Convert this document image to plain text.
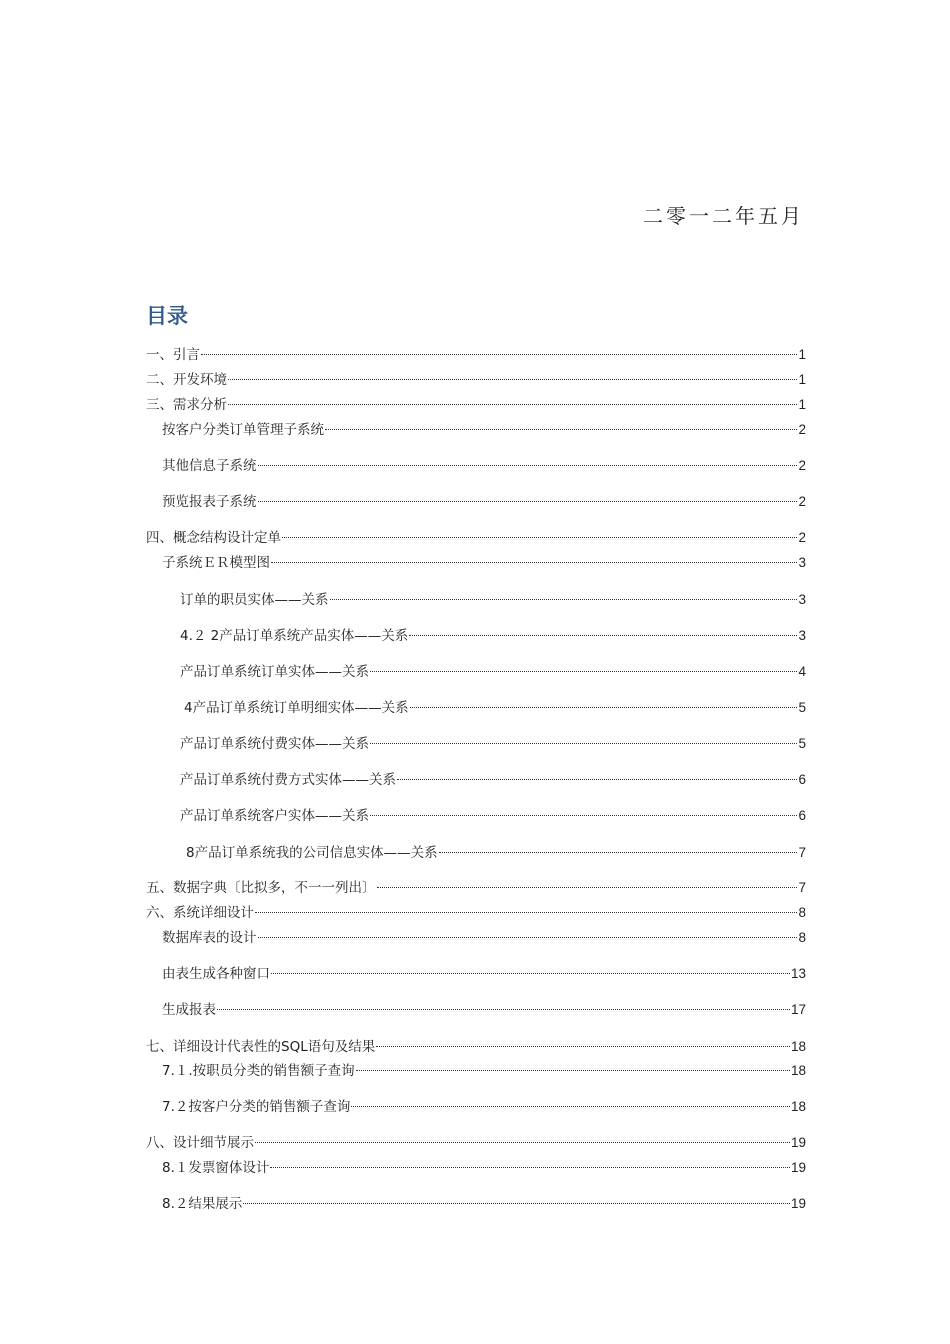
二零一二年五月
目录
一、引言	1
二、开发环境	1
三、需求分析	1
按客户分类订单管理子系统	2
其他信息子系统	2
预览报表子系统	2
四、概念结构设计定单	2
子系统ＥＲ模型图	3
订单的职员实体——关系	3
4.２ 2产品订单系统产品实体——关系	3
产品订单系统订单实体——关系	4
4产品订单系统订单明细实体——关系	5
产品订单系统付费实体——关系	5
产品订单系统付费方式实体——关系	6
产品订单系统客户实体——关系	6
8产品订单系统我的公司信息实体——关系	7
五、数据字典〔比拟多，不一一列出〕	7
六、系统详细设计	8
数据库表的设计	8
由表生成各种窗口	13
生成报表	17
七、详细设计代表性的SQL语句及结果	18
7.１.按职员分类的销售额子查询	18
7.２按客户分类的销售额子查询	18
八、设计细节展示	19
8.１发票窗体设计	19
8.２结果展示	19
